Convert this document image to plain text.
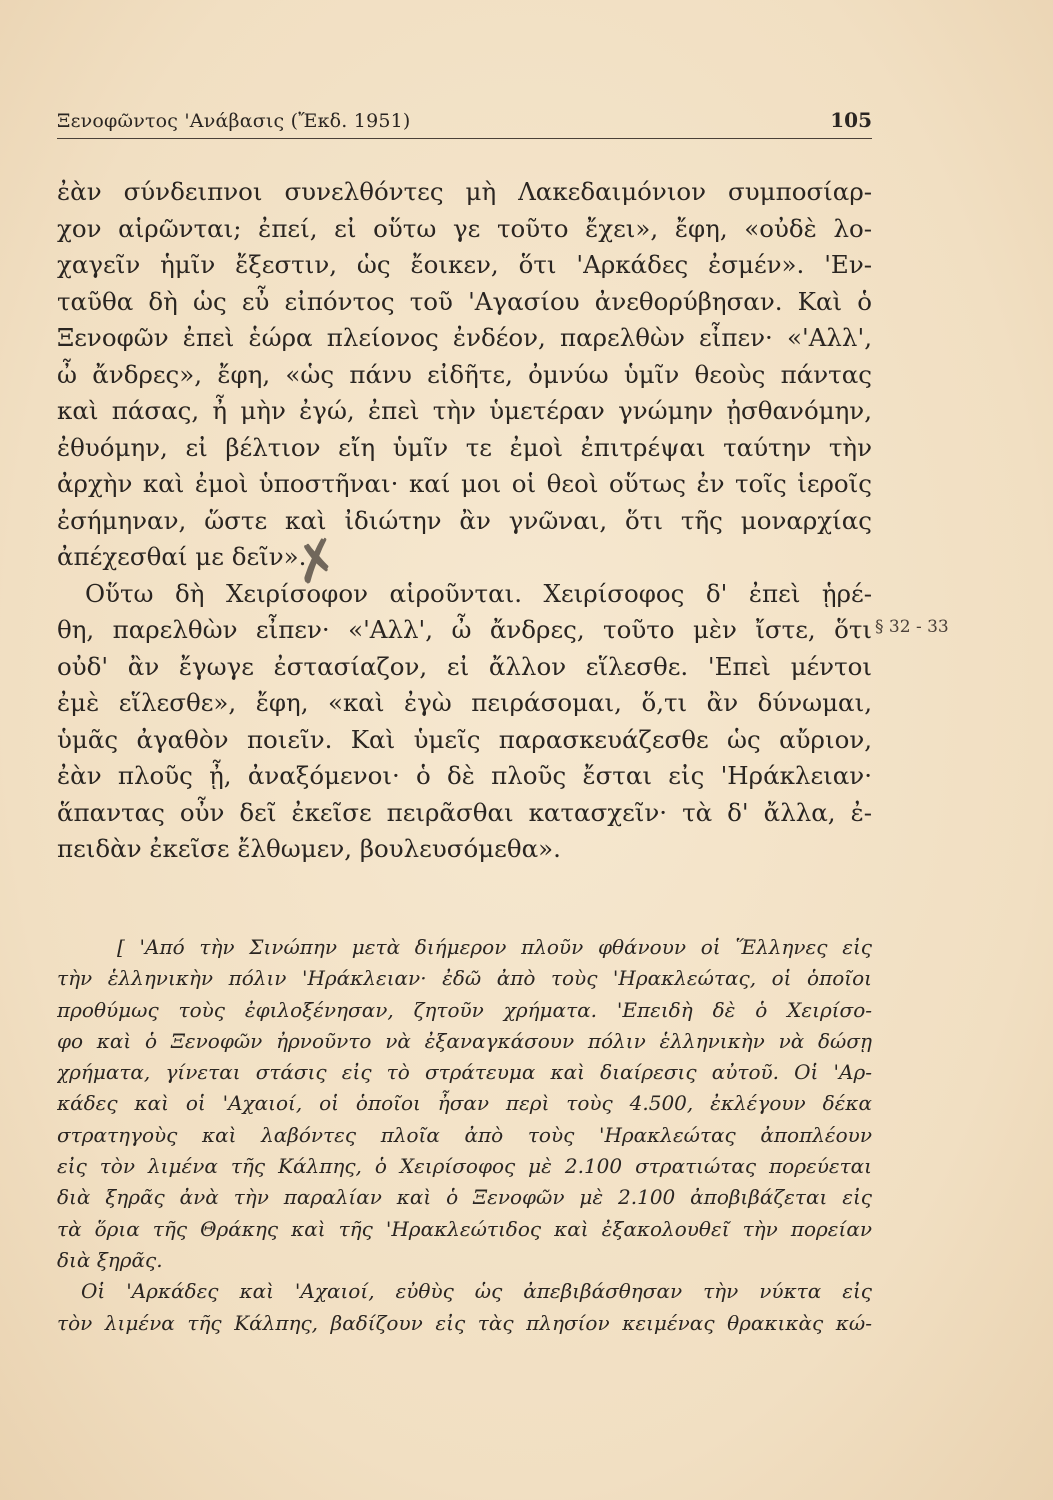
Ξενοφῶντος 'Ανάβασις (Ἔκδ. 1951)	105
ἐὰν σύνδειπνοι συνελθόντες μὴ Λακεδαιμόνιον συμποσίαρ-
χον αἱρῶνται; ἐπεί, εἰ οὕτω γε τοῦτο ἔχει», ἔφη, «οὐδὲ λο-
χαγεῖν ἡμῖν ἔξεστιν, ὡς ἔοικεν, ὅτι 'Αρκάδες ἐσμέν». 'Εν-
ταῦθα δὴ ὡς εὖ εἰπόντος τοῦ 'Αγασίου ἀνεθορύβησαν. Καὶ ὁ
Ξενοφῶν ἐπεὶ ἑώρα πλείονος ἐνδέον, παρελθὼν εἶπεν· «'Αλλ',
ὦ ἄνδρες», ἔφη, «ὡς πάνυ εἰδῆτε, ὀμνύω ὑμῖν θεοὺς πάντας
καὶ πάσας, ἦ μὴν ἐγώ, ἐπεὶ τὴν ὑμετέραν γνώμην ᾐσθανόμην,
ἐθυόμην, εἰ βέλτιον εἴη ὑμῖν τε ἐμοὶ ἐπιτρέψαι ταύτην τὴν
ἀρχὴν καὶ ἐμοὶ ὑποστῆναι· καί μοι οἱ θεοὶ οὕτως ἐν τοῖς ἱεροῖς
ἐσήμηναν, ὥστε καὶ ἰδιώτην ἂν γνῶναι, ὅτι τῆς μοναρχίας
ἀπέχεσθαί με δεῖν».
Οὕτω δὴ Χειρίσοφον αἱροῦνται. Χειρίσοφος δ' ἐπεὶ ᾑρέ-
θη, παρελθὼν εἶπεν· «'Αλλ', ὦ ἄνδρες, τοῦτο μὲν ἴστε, ὅτι
οὐδ' ἂν ἔγωγε ἐστασίαζον, εἰ ἄλλον εἵλεσθε. 'Επεὶ μέντοι
ἐμὲ εἵλεσθε», ἔφη, «καὶ ἐγὼ πειράσομαι, ὅ,τι ἂν δύνωμαι,
ὑμᾶς ἀγαθὸν ποιεῖν. Καὶ ὑμεῖς παρασκευάζεσθε ὡς αὔριον,
ἐὰν πλοῦς ᾖ, ἀναξόμενοι· ὁ δὲ πλοῦς ἔσται εἰς 'Ηράκλειαν·
ἅπαντας οὖν δεῖ ἐκεῖσε πειρᾶσθαι κατασχεῖν· τὰ δ' ἄλλα, ἐ-
πειδὰν ἐκεῖσε ἔλθωμεν, βουλευσόμεθα».
✗
§ 32 - 33
[ 'Από τὴν Σινώπην μετὰ διήμερον πλοῦν φθάνουν οἱ Ἕλληνες εἰς
τὴν ἑλληνικὴν πόλιν 'Ηράκλειαν· ἐδῶ ἀπὸ τοὺς 'Ηρακλεώτας, οἱ ὁποῖοι
προθύμως τοὺς ἐφιλοξένησαν, ζητοῦν χρήματα. 'Επειδὴ δὲ ὁ Χειρίσο-
φο καὶ ὁ Ξενοφῶν ἠρνοῦντο νὰ ἐξαναγκάσουν πόλιν ἑλληνικὴν νὰ δώσῃ
χρήματα, γίνεται στάσις εἰς τὸ στράτευμα καὶ διαίρεσις αὐτοῦ. Οἱ 'Αρ-
κάδες καὶ οἱ 'Αχαιοί, οἱ ὁποῖοι ἦσαν περὶ τοὺς 4.500, ἐκλέγουν δέκα
στρατηγοὺς καὶ λαβόντες πλοῖα ἀπὸ τοὺς 'Ηρακλεώτας ἀποπλέουν
εἰς τὸν λιμένα τῆς Κάλπης, ὁ Χειρίσοφος μὲ 2.100 στρατιώτας πορεύεται
διὰ ξηρᾶς ἀνὰ τὴν παραλίαν καὶ ὁ Ξενοφῶν μὲ 2.100 ἀποβιβάζεται εἰς
τὰ ὅρια τῆς Θράκης καὶ τῆς 'Ηρακλεώτιδος καὶ ἐξακολουθεῖ τὴν πορείαν
διὰ ξηρᾶς.
Οἱ 'Αρκάδες καὶ 'Αχαιοί, εὐθὺς ὡς ἀπεβιβάσθησαν τὴν νύκτα εἰς
τὸν λιμένα τῆς Κάλπης, βαδίζουν εἰς τὰς πλησίον κειμένας θρακικὰς κώ-
